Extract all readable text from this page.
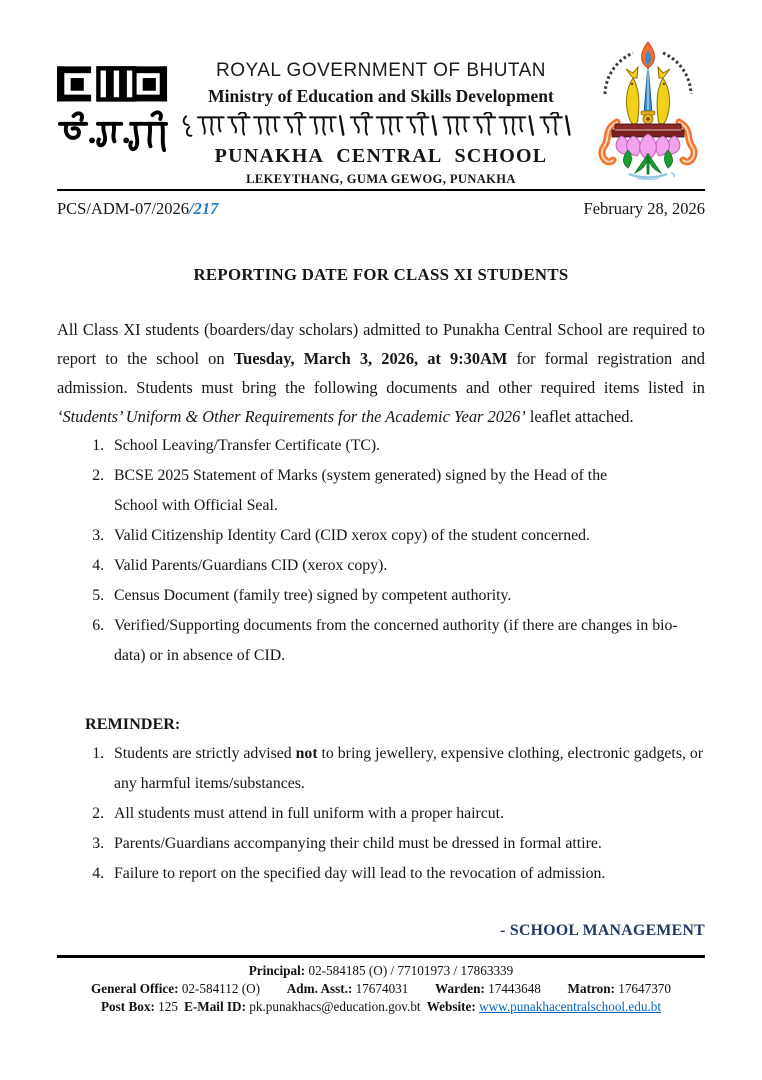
ROYAL GOVERNMENT OF BHUTAN
Ministry of Education and Skills Development
PUNAKHA CENTRAL SCHOOL
LEKEYTHANG, GUMA GEWOG, PUNAKHA
PCS/ADM-07/2026/217	February 28, 2026
REPORTING DATE FOR CLASS XI STUDENTS

All Class XI students (boarders/day scholars) admitted to Punakha Central School are required to report to the school on Tuesday, March 3, 2026, at 9:30AM for formal registration and admission. Students must bring the following documents and other required items listed in ‘Students’ Uniform & Other Requirements for the Academic Year 2026’ leaflet attached.

1. School Leaving/Transfer Certificate (TC).
2. BCSE 2025 Statement of Marks (system generated) signed by the Head of the School with Official Seal.
3. Valid Citizenship Identity Card (CID xerox copy) of the student concerned.
4. Valid Parents/Guardians CID (xerox copy).
5. Census Document (family tree) signed by competent authority.
6. Verified/Supporting documents from the concerned authority (if there are changes in bio-data) or in absence of CID.
REMINDER:
1. Students are strictly advised not to bring jewellery, expensive clothing, electronic gadgets, or any harmful items/substances.
2. All students must attend in full uniform with a proper haircut.
3. Parents/Guardians accompanying their child must be dressed in formal attire.
4. Failure to report on the specified day will lead to the revocation of admission.
- SCHOOL MANAGEMENT
Principal: 02-584185 (O) / 77101973 / 17863339
General Office: 02-584112 (O) Adm. Asst.: 17674031 Warden: 17443648 Matron: 17647370
Post Box: 125 E-Mail ID: pk.punakhacs@education.gov.bt Website: www.punakhacentralschool.edu.bt
